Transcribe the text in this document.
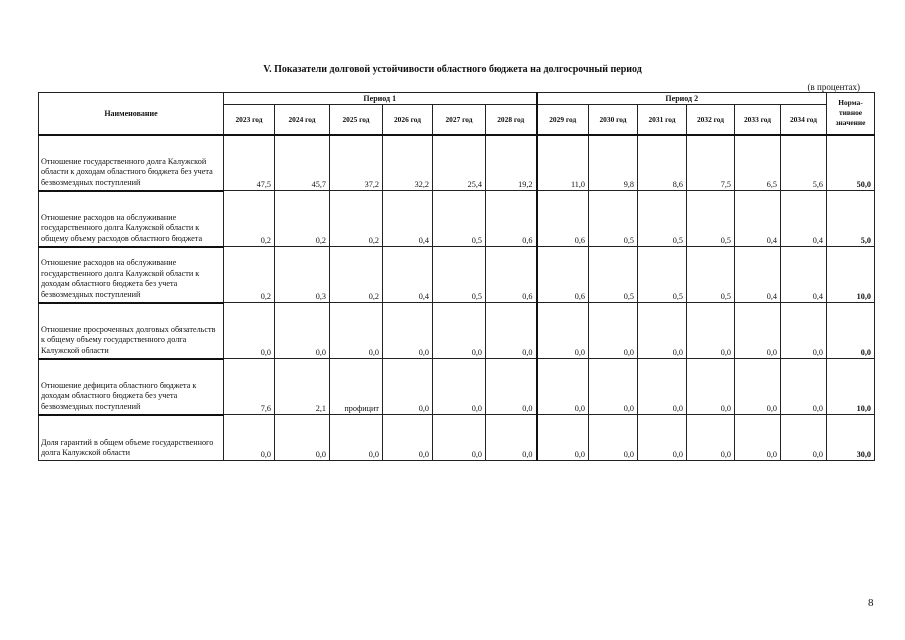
V. Показатели долговой устойчивости областного бюджета на долгосрочный период
(в процентах)
Наименование	Период 1						Период 2						Норма-тивное значение
	2023 год	2024 год	2025 год	2026 год	2027 год	2028 год	2029 год	2030 год	2031 год	2032 год	2033 год	2034 год	
Отношение государственного долга Калужской области к доходам областного бюджета без учета безвозмездных поступлений	47,5	45,7	37,2	32,2	25,4	19,2	11,0	9,8	8,6	7,5	6,5	5,6	50,0
Отношение расходов на обслуживание государственного долга Калужской области к общему объему расходов областного бюджета	0,2	0,2	0,2	0,4	0,5	0,6	0,6	0,5	0,5	0,5	0,4	0,4	5,0
Отношение расходов на обслуживание государственного долга Калужской области к доходам областного бюджета без учета безвозмездных поступлений	0,2	0,3	0,2	0,4	0,5	0,6	0,6	0,5	0,5	0,5	0,4	0,4	10,0
Отношение просроченных долговых обязательств к общему объему государственного долга Калужской области	0,0	0,0	0,0	0,0	0,0	0,0	0,0	0,0	0,0	0,0	0,0	0,0	0,0
Отношение дефицита областного бюджета к доходам областного бюджета без учета безвозмездных поступлений	7,6	2,1	профицит	0,0	0,0	0,0	0,0	0,0	0,0	0,0	0,0	0,0	10,0
Доля гарантий в общем объеме государственного долга Калужской области	0,0	0,0	0,0	0,0	0,0	0,0	0,0	0,0	0,0	0,0	0,0	0,0	30,0
8
